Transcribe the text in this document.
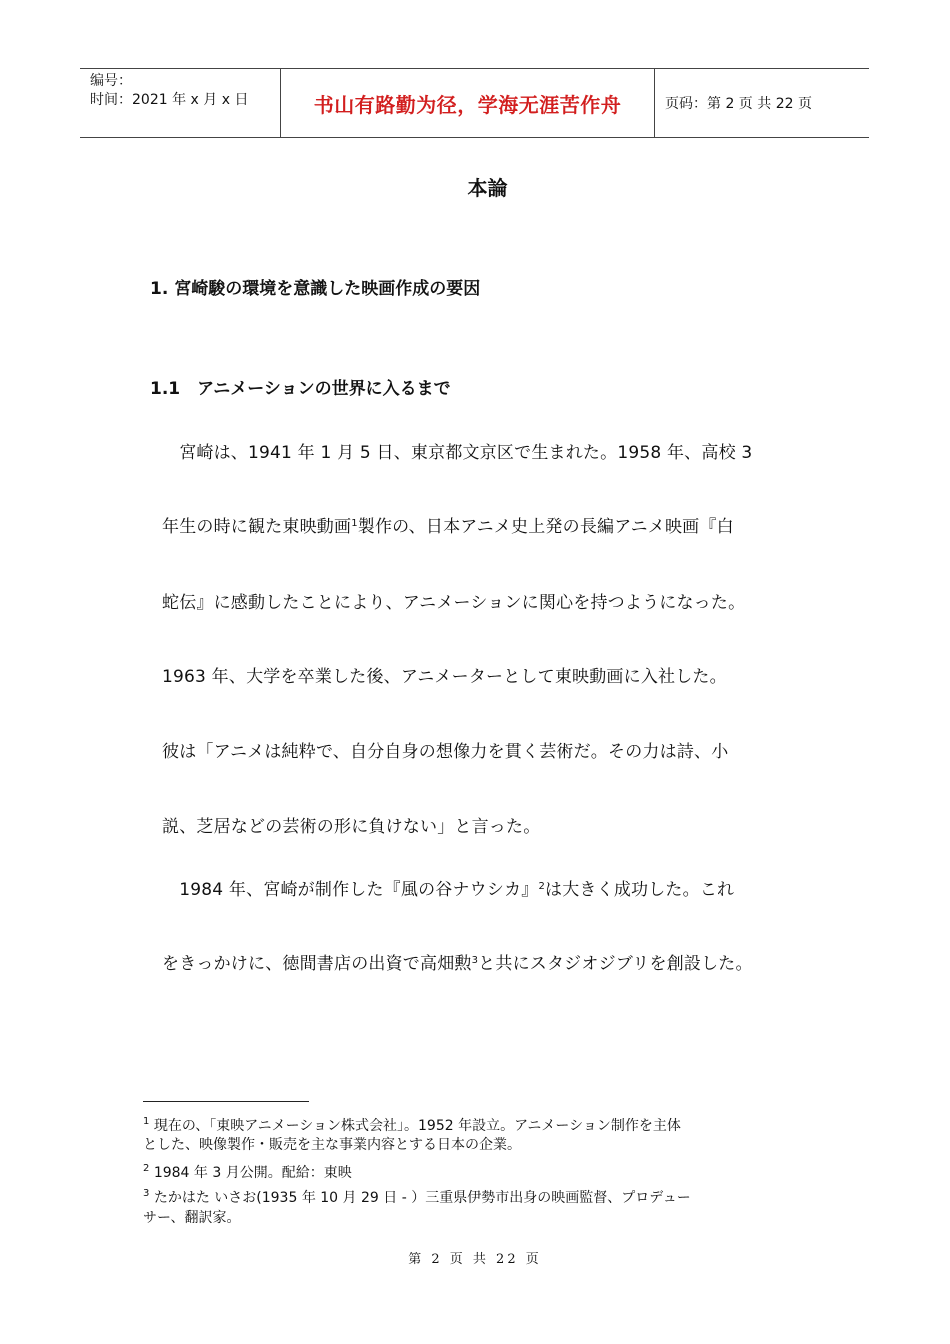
编号：
时间：2021 年 x 月 x 日	书山有路勤为径，学海无涯苦作舟	页码：第 2 页 共 22 页
本論
1. 宮崎駿の環境を意識した映画作成の要因
1.1　アニメーションの世界に入るまで
　宮崎は、1941 年 1 月 5 日、東京都文京区で生まれた。1958 年、高校 3
年生の時に観た東映動画$^1$製作の、日本アニメ史上発の長編アニメ映画『白
蛇伝』に感動したことにより、アニメーションに関心を持つようになった。
1963 年、大学を卒業した後、アニメーターとして東映動画に入社した。
彼は「アニメは純粋で、自分自身の想像力を貫く芸術だ。その力は詩、小
説、芝居などの芸術の形に負けない」と言った。
　1984 年、宮崎が制作した『風の谷ナウシカ』$^2$は大きく成功した。これ
をきっかけに、徳間書店の出資で高畑勲$^3$と共にスタジオジブリを創設した。
$^1$ 現在の、「東映アニメーション株式会社」。1952 年設立。アニメーション制作を主体
とした、映像製作・販売を主な事業内容とする日本の企業。
$^2$ 1984 年 3 月公開。配給：東映
$^3$ たかはた いさお(1935 年 10 月 29 日 - ）三重県伊勢市出身の映画監督、プロデュー
サー、翻訳家。
第 2 页 共 22 页
